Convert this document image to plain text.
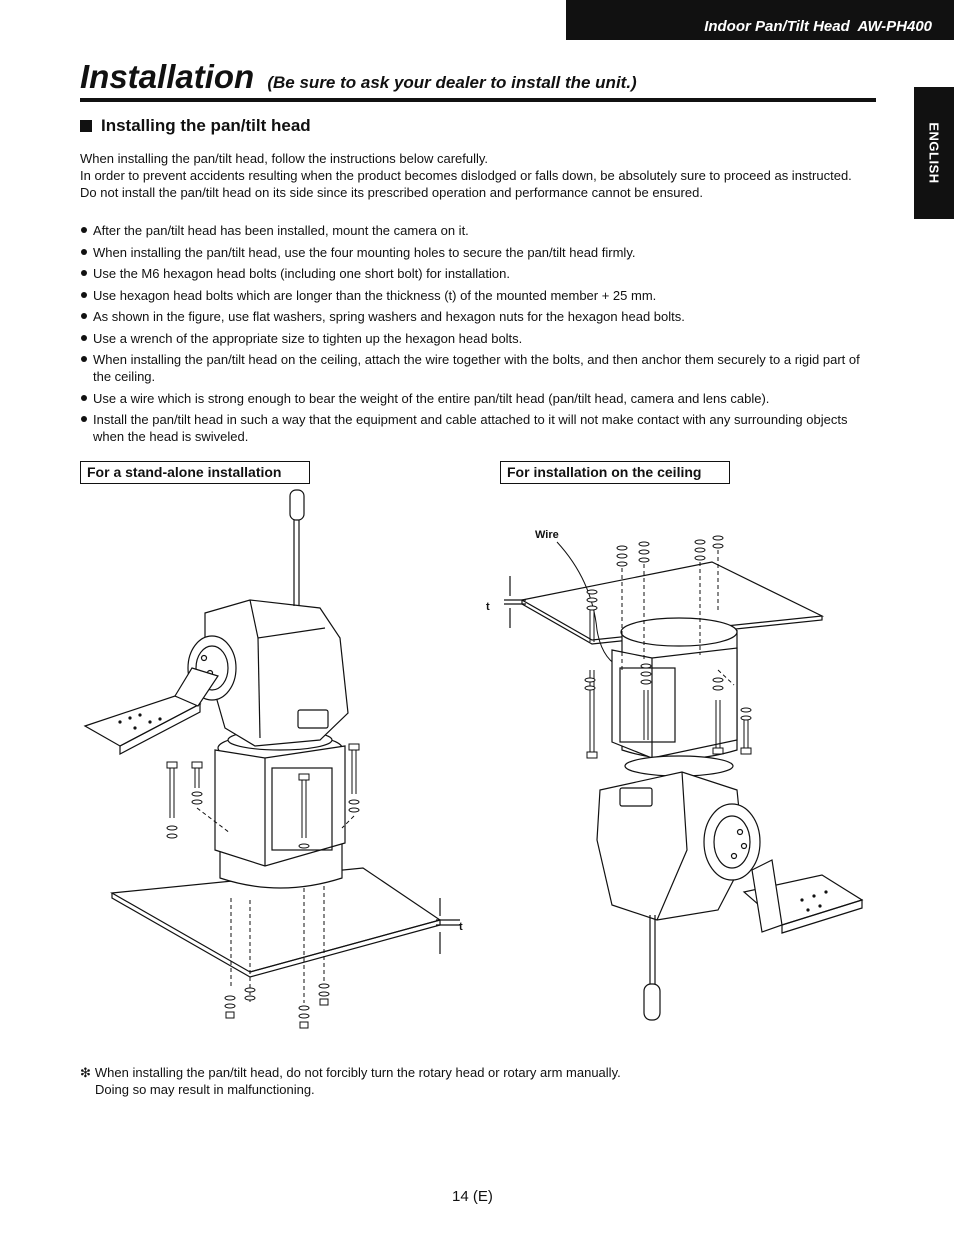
Indoor Pan/Tilt Head  AW-PH400
Installation (Be sure to ask your dealer to install the unit.)
ENGLISH
Installing the pan/tilt head

When installing the pan/tilt head, follow the instructions below carefully.

In order to prevent accidents resulting when the product becomes dislodged or falls down, be absolutely sure to proceed as instructed. Do not install the pan/tilt head on its side since its prescribed operation and performance cannot be ensured.

After the pan/tilt head has been installed, mount the camera on it.
When installing the pan/tilt head, use the four mounting holes to secure the pan/tilt head firmly.
Use the M6 hexagon head bolts (including one short bolt) for installation.
Use hexagon head bolts which are longer than the thickness (t) of the mounted member + 25 mm.
As shown in the figure, use flat washers, spring washers and hexagon nuts for the hexagon head bolts.
Use a wrench of the appropriate size to tighten up the hexagon head bolts.
When installing the pan/tilt head on the ceiling, attach the wire together with the bolts, and then anchor them securely to a rigid part of the ceiling.
Use a wire which is strong enough to bear the weight of the entire pan/tilt head (pan/tilt head, camera and lens cable).
Install the pan/tilt head in such a way that the equipment and cable attached to it will not make contact with any surrounding objects when the head is swiveled.
For a stand-alone installation	For installation on the ceiling
t
Wire
t
❇ When installing the pan/tilt head, do not forcibly turn the rotary head or rotary arm manually.
Doing so may result in malfunctioning.
14 (E)
